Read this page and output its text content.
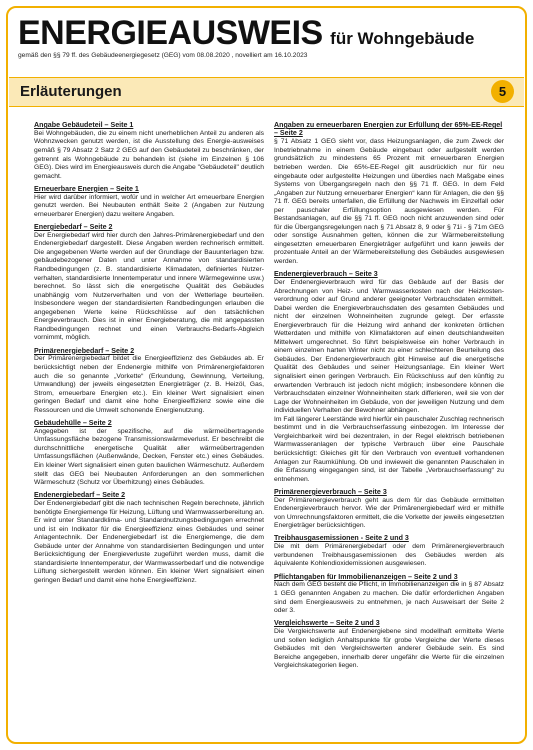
ENERGIEAUSWEIS für Wohngebäude
gemäß den §§ 79 ff. des Gebäudeenergiegesetz (GEG) vom 08.08.2020 , novelliert am 16.10.2023
Erläuterungen	5
Angabe Gebäudeteil – Seite 1

Bei Wohngebäuden, die zu einem nicht unerheblichen Anteil zu anderen als Wohnzwecken genutzt werden, ist die Ausstellung des Energie-ausweises gemäß § 79 Absatz 2 Satz 2 GEG auf den Gebäudeteil zu beschränken, der getrennt als Wohngebäude zu behandeln ist (siehe im Einzelnen § 106 GEG). Dies wird im Energieausweis durch die Angabe "Gebäudeteil" deutlich gemacht.

Erneuerbare Energien – Seite 1

Hier wird darüber informiert, wofür und in welcher Art erneuerbare Energien genutzt werden. Bei Neubauten enthält Seite 2 (Angaben zur Nutzung erneuerbarer Energien) dazu weitere Angaben.

Energiebedarf – Seite 2

Der Energiebedarf wird hier durch den Jahres-Primärenergiebedarf und den Endenergiebedarf dargestellt. Diese Angaben werden rechnerisch ermittelt. Die angegebenen Werte werden auf der Grundlage der Bauunterlagen bzw. gebäudebezogener Daten und unter Annahme von standardisierten Randbedingungen (z. B. standardisierte Klimadaten, definiertes Nutzer-verhalten, standardisierte Innentemperatur und innere Wärmegewinne usw.) berechnet. So lässt sich die energetische Qualität des Gebäudes unabhängig vom Nutzerverhalten und von der Wetterlage beurteilen. Insbesondere wegen der standardisierten Randbedingungen erlauben die angegebenen Werte keine Rückschlüsse auf den tatsächlichen Energieverbrauch. Dies ist in einer Energieberatung, die mit angepassten Randbedingungen rechnet und einen Verbrauchs-Bedarfs-Abgleich vornimmt, möglich.

Primärenergiebedarf – Seite 2

Der Primärenergiebedarf bildet die Energieeffizienz des Gebäudes ab. Er berücksichtigt neben der Endenergie mithilfe von Primärenergiefaktoren auch die so genannte „Vorkette“ (Erkundung, Gewinnung, Verteilung, Umwandlung) der jeweils eingesetzten Energieträger (z. B. Heizöl, Gas, Strom, erneuerbare Energien etc.). Ein kleiner Wert signalisiert einen geringen Bedarf und damit eine hohe Energieeffizienz sowie eine die Ressourcen und die Umwelt schonende Energienutzung.

Gebäudehülle – Seite 2

Angegeben ist der spezifische, auf die wärmeübertragende Umfassungsfläche bezogene Transmissionswärmeverlust. Er beschreibt die durchschnittliche energetische Qualität aller wärmeübertragenden Umfassungsflächen (Außenwände, Decken, Fenster etc.) eines Gebäudes. Ein kleiner Wert signalisiert einen guten baulichen Wärmeschutz. Außerdem stellt das GEG bei Neubauten Anforderungen an den sommerlichen Wärmeschutz (Schutz vor Überhitzung) eines Gebäudes.

Endenergiebedarf – Seite 2

Der Endenergiebedarf gibt die nach technischen Regeln berechnete, jährlich benötigte Energiemenge für Heizung, Lüftung und Warmwasserbereitung an. Er wird unter Standardklima- und Standardnutzungsbedingungen errechnet und ist ein Indikator für die Energieeffizienz eines Gebäudes und seiner Anlagentechnik. Der Endenergiebedarf ist die Energiemenge, die dem Gebäude unter der Annahme von standardisierten Bedingungen und unter Berücksichtigung der Energieverluste zugeführt werden muss, damit die standardisierte Innentemperatur, der Warmwasserbedarf und die notwendige Lüftung sichergestellt werden können. Ein kleiner Wert signalisiert einen geringen Bedarf und damit eine hohe Energieeffizienz.

Angaben zu erneuerbaren Energien zur Erfüllung der 65%-EE-Regel – Seite 2

§ 71 Absatz 1 GEG sieht vor, dass Heizungsanlagen, die zum Zweck der Inbetriebnahme in einem Gebäude eingebaut oder aufgestellt werden grundsätzlich zu mindestens 65 Prozent mit erneuerbaren Energien betrieben werden. Die 65%-EE-Regel gilt ausdrücklich nur für neu eingebaute oder aufgestellte Heizungen und überdies nach Maßgabe eines Systems von Übergangsregeln nach den §§ 71 ff. GEG. In dem Feld „Angaben zur Nutzung erneuerbarer Energien“ kann für Anlagen, die den §§ 71 ff. GEG bereits unterfallen, die Erfüllung der Nachweis im Einzelfall oder per pauschaler Erfüllungsoption ausgewiesen werden. Für Bestandsanlagen, auf die §§ 71 ff. GEG noch nicht anzuwenden sind oder für die Übergangsregelungen nach § 71 Absatz 8, 9 oder § 71i - § 71m GEG oder sonstige Ausnahmen gelten, können die zur Wärmebereitstellung eingesetzten erneuerbaren Energieträger aufgeführt und kann jeweils der prozentuale Anteil an der Wärmebereitstellung des Gebäudes ausgewiesen werden.

Endenergieverbrauch – Seite 3

Der Endenergieverbrauch wird für das Gebäude auf der Basis der Abrechnungen von Heiz- und Warmwasserkosten nach der Heizkosten-verordnung oder auf Grund anderer geeigneter Verbrauchsdaten ermittelt. Dabei werden die Energieverbrauchsdaten des gesamten Gebäudes und nicht der einzelnen Wohneinheiten zugrunde gelegt. Der erfasste Energieverbrauch für die Heizung wird anhand der konkreten örtlichen Wetterdaten und mithilfe von Klimafaktoren auf einen deutschlandweiten Mittelwert umgerechnet. So führt beispielsweise ein hoher Verbrauch in einem einzelnen harten Winter nicht zu einer schlechteren Beurteilung des Gebäudes. Der Endenergieverbrauch gibt Hinweise auf die energetische Qualität des Gebäudes und seiner Heizungsanlage. Ein kleiner Wert signalisiert einen geringen Verbrauch. Ein Rückschluss auf den künftig zu erwartenden Verbrauch ist jedoch nicht möglich; insbesondere können die Verbrauchsdaten einzelner Wohneinheiten stark differieren, weil sie von der Lage der Wohneinheiten im Gebäude, von der jeweiligen Nutzung und dem individuellen Verhalten der Bewohner abhängen.

Im Fall längerer Leerstände wird hierfür ein pauschaler Zuschlag rechnerisch bestimmt und in die Verbrauchserfassung einbezogen. Im Interesse der Vergleichbarkeit wird bei dezentralen, in der Regel elektrisch betriebenen Warmwasseranlagen der typische Verbrauch über eine Pauschale berücksichtigt: Gleiches gilt für den Verbrauch von eventuell vorhandenen Anlagen zur Raumkühlung. Ob und inwieweit die genannten Pauschalen in die Erfassung eingegangen sind, ist der Tabelle „Verbrauchserfassung“ zu entnehmen.

Primärenergieverbrauch – Seite 3

Der Primärenergieverbrauch geht aus dem für das Gebäude ermittelten Endenergieverbrauch hervor. Wie der Primärenergiebedarf wird er mithilfe von Umrechnungsfaktoren ermittelt, die die Vorkette der jeweils eingesetzten Energieträger berücksichtigen.

Treibhausgasemissionen - Seite 2 und 3

Die mit dem Primärenergiebedarf oder dem Primärenergieverbrauch verbundenen Treibhausgasemissionen des Gebäudes werden als äquivalente Kohlendioxidemissionen ausgewiesen.

Pflichtangaben für Immobilienanzeigen – Seite 2 und 3

Nach dem GEG besteht die Pflicht, in Immobilienanzeigen die in § 87 Absatz 1 GEG genannten Angaben zu machen. Die dafür erforderlichen Angaben sind dem Energieausweis zu entnehmen, je nach Ausweisart der Seite 2 oder 3.

Vergleichswerte – Seite 2 und 3

Die Vergleichswerte auf Endenergiebene sind modellhaft ermittelte Werte und sollen lediglich Anhaltspunkte für grobe Vergleiche der Werte dieses Gebäudes mit den Vergleichswerten anderer Gebäude sein. Es sind Bereiche angegeben, innerhalb derer ungefähr die Werte für die einzelnen Vergleichskategorien liegen.
